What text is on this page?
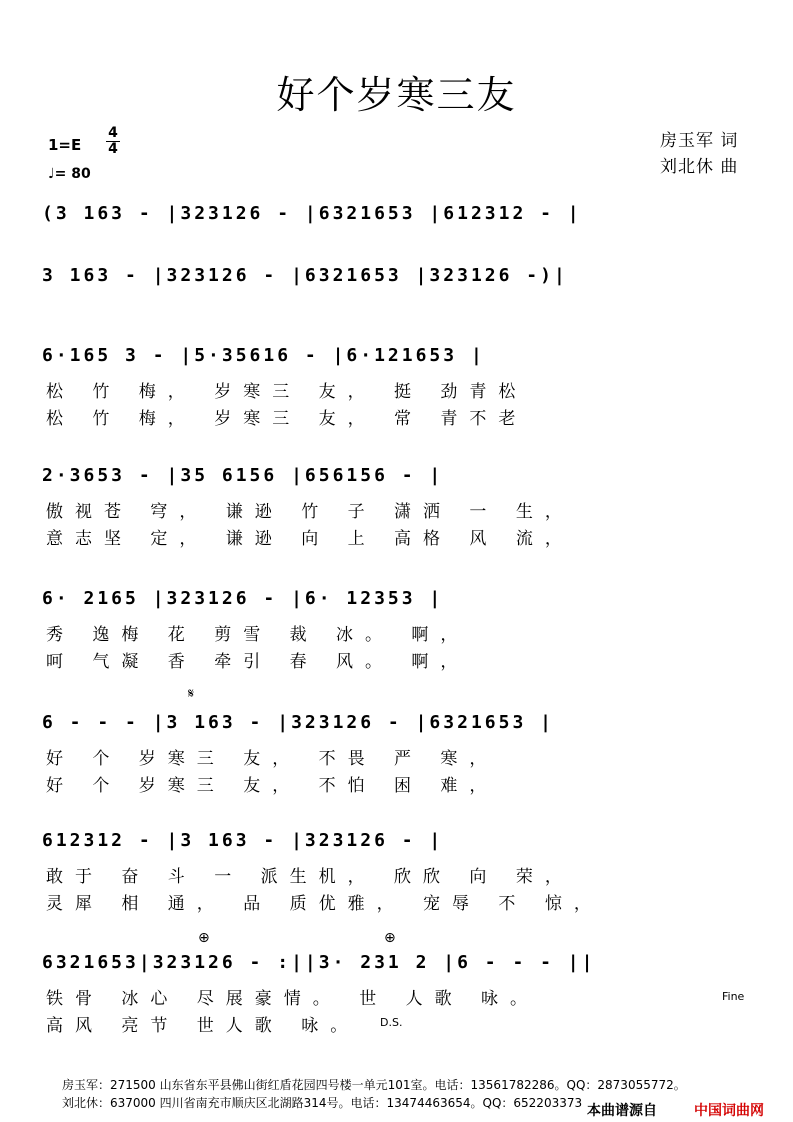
好个岁寒三友
1=E
4
4
♩= 80
房玉军 词
刘北休 曲
(3 163 - |323126 - |6321653 |612312 - |
3 163 - |323126 - |6321653 |323126 -)|
6·165 3 - |5·35616 - |6·121653 |
松 竹 梅， 岁寒三 友， 挺 劲青松
松 竹 梅， 岁寒三 友， 常 青不老
2·3653 - |35 6156 |656156 - |
傲视苍 穹， 谦逊 竹 子 潇洒 一 生，
意志坚 定， 谦逊 向 上 高格 风 流，
6· 2165 |323126 - |6· 12353 |
秀 逸梅 花 剪雪 裁 冰。 啊，
呵 气凝 香 牵引 春 风。 啊，
6 - - - |3 163 - |323126 - |6321653 |
好 个 岁寒三 友， 不畏 严 寒，
好 个 岁寒三 友， 不怕 困 难，
612312 - |3 163 - |323126 - |
敢于 奋 斗 一 派生机， 欣欣 向 荣，
灵犀 相 通， 品 质优雅， 宠辱 不 惊，
6321653|323126 - :||3· 231 2 |6 - - - ||
铁骨 冰心 尽展豪情。 世 人歌 咏。
高风 亮节 世人歌 咏。
Fine
D.S.
𝄋
⊕	⊕
房玉军：271500 山东省东平县佛山街红盾花园四号楼一单元101室。电话：13561782286。QQ：2873055772。
刘北休：637000 四川省南充市顺庆区北湖路314号。电话：13474463654。QQ：652203373 本曲谱源自	中国词曲网
